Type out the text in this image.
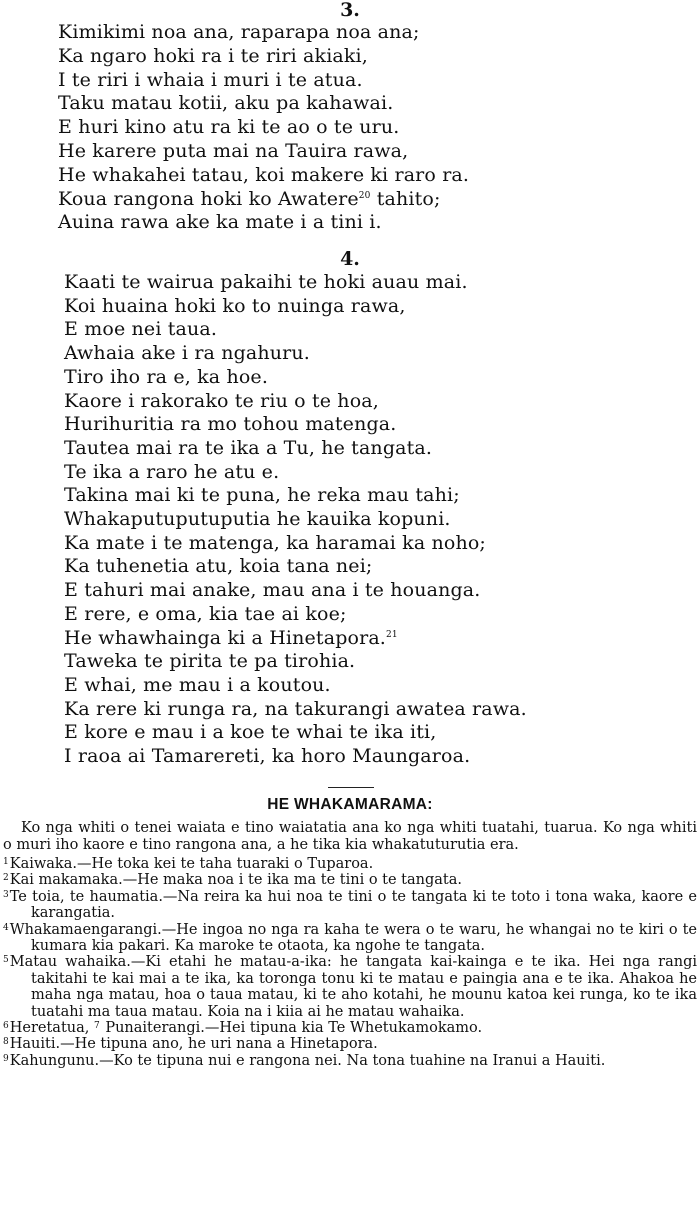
3.
Kimikimi noa ana, raparapa noa ana;
Ka ngaro hoki ra i te riri akiaki,
I te riri i whaia i muri i te atua.
Taku matau kotii, aku pa kahawai.
E huri kino atu ra ki te ao o te uru.
He karere puta mai na Tauira rawa,
He whakahei tatau, koi makere ki raro ra.
Koua rangona hoki ko Awatere$^{20}$ tahito;
Auina rawa ake ka mate i a tini i.
4.
Kaati te wairua pakaihi te hoki auau mai.
Koi huaina hoki ko to nuinga rawa,
E moe nei taua.
Awhaia ake i ra ngahuru.
Tiro iho ra e, ka hoe.
Kaore i rakorako te riu o te hoa,
Hurihuritia ra mo tohou matenga.
Tautea mai ra te ika a Tu, he tangata.
Te ika a raro he atu e.
Takina mai ki te puna, he reka mau tahi;
Whakaputuputuputia he kauika kopuni.
Ka mate i te matenga, ka haramai ka noho;
Ka tuhenetia atu, koia tana nei;
E tahuri mai anake, mau ana i te houanga.
E rere, e oma, kia tae ai koe;
He whawhainga ki a Hinetapora.$^{21}$
Taweka te pirita te pa tirohia.
E whai, me mau i a koutou.
Ka rere ki runga ra, na takurangi awatea rawa.
E kore e mau i a koe te whai te ika iti,
I raoa ai Tamarereti, ka horo Maungaroa.
HE WHAKAMARAMA:

Ko nga whiti o tenei waiata e tino waiatatia ana ko nga whiti tuatahi, tuarua. Ko nga whiti o muri iho kaore e tino rangona ana, a he tika kia whakatuturutia era.

$^1$Kaiwaka.—He toka kei te taha tuaraki o Tuparoa.

$^2$Kai makamaka.—He maka noa i te ika ma te tini o te tangata.

$^3$Te toia, te haumatia.—Na reira ka hui noa te tini o te tangata ki te toto i tona waka, kaore e karangatia.

$^4$Whakamaengarangi.—He ingoa no nga ra kaha te wera o te waru, he whangai no te kiri o te kumara kia pakari. Ka maroke te otaota, ka ngohe te tangata.

$^5$Matau wahaika.—Ki etahi he matau-a-ika: he tangata kai-kainga e te ika. Hei nga rangi takitahi te kai mai a te ika, ka toronga tonu ki te matau e paingia ana e te ika. Ahakoa he maha nga matau, hoa o taua matau, ki te aho kotahi, he mounu katoa kei runga, ko te ika tuatahi ma taua matau. Koia na i kiia ai he matau wahaika.

$^6$Heretatua, $^7$ Punaiterangi.—Hei tipuna kia Te Whetukamokamo.

$^8$Hauiti.—He tipuna ano, he uri nana a Hinetapora.

$^9$Kahungunu.—Ko te tipuna nui e rangona nei. Na tona tuahine na Iranui a Hauiti.
